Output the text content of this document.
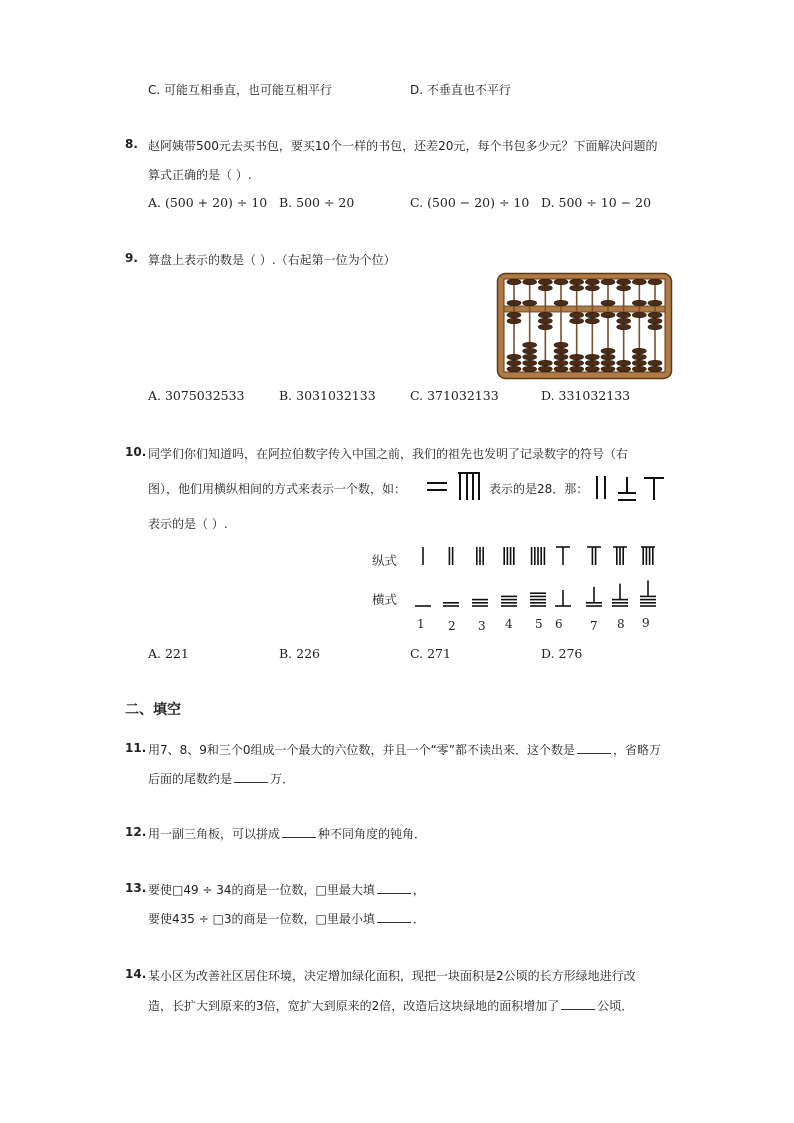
C. 可能互相垂直，也可能互相平行	D. 不垂直也不平行
8. 赵阿姨带500元去买书包，要买10个一样的书包，还差20元，每个书包多少元？下面解决问题的
算式正确的是（ ）.
A. (500 + 20) ÷ 10 B. 500 ÷ 20	C. (500 − 20) ÷ 10 D. 500 ÷ 10 − 20
9. 算盘上表示的数是（ ）.（右起第一位为个位）
A. 3075032533	B. 3031032133	C. 371032133	D. 331032133
10. 同学们你们知道吗，在阿拉伯数字传入中国之前，我们的祖先也发明了记录数字的符号（右
图），他们用横纵相间的方式来表示一个数，如：	表示的是28．那：
表示的是（ ）.
纵式
横式
1 2 3 4 5 6 7 8 9
A. 221	B. 226	C. 271	D. 276
二、填空
11. 用7、8、9和三个0组成一个最大的六位数，并且一个“零”都不读出来．这个数是	，省略万
后面的尾数约是	万．
12. 用一副三角板，可以拼成	种不同角度的钝角．
13. 要使□49 ÷ 34的商是一位数，□里最大填	，
要使435 ÷ □3的商是一位数，□里最小填	．
14. 某小区为改善社区居住环境，决定增加绿化面积，现把一块面积是2公顷的长方形绿地进行改
造，长扩大到原来的3倍，宽扩大到原来的2倍，改造后这块绿地的面积增加了	公顷．
